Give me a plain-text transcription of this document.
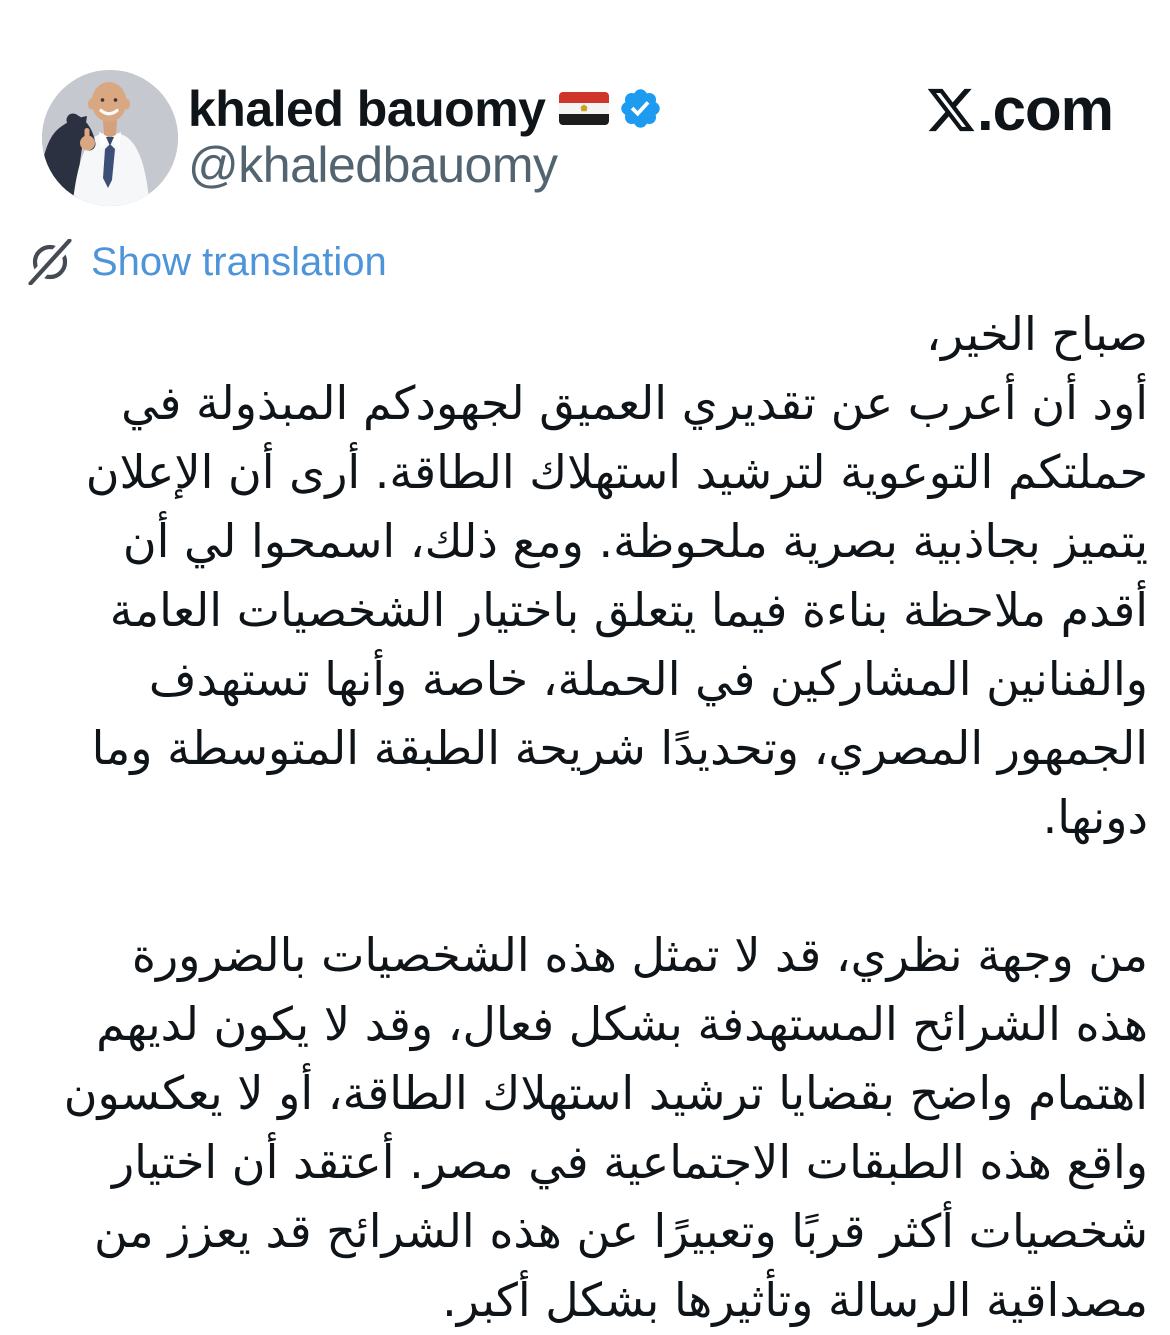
khaled bauomy
@khaledbauomy
.com
Show translation
صباح الخير،
أود أن أعرب عن تقديري العميق لجهودكم المبذولة في
حملتكم التوعوية لترشيد استهلاك الطاقة. أرى أن الإعلان
يتميز بجاذبية بصرية ملحوظة. ومع ذلك، اسمحوا لي أن
أقدم ملاحظة بناءة فيما يتعلق باختيار الشخصيات العامة
والفنانين المشاركين في الحملة، خاصة وأنها تستهدف
الجمهور المصري، وتحديدًا شريحة الطبقة المتوسطة وما
دونها.
من وجهة نظري، قد لا تمثل هذه الشخصيات بالضرورة
هذه الشرائح المستهدفة بشكل فعال، وقد لا يكون لديهم
اهتمام واضح بقضايا ترشيد استهلاك الطاقة، أو لا يعكسون
واقع هذه الطبقات الاجتماعية في مصر. أعتقد أن اختيار
شخصيات أكثر قربًا وتعبيرًا عن هذه الشرائح قد يعزز من
مصداقية الرسالة وتأثيرها بشكل أكبر.
